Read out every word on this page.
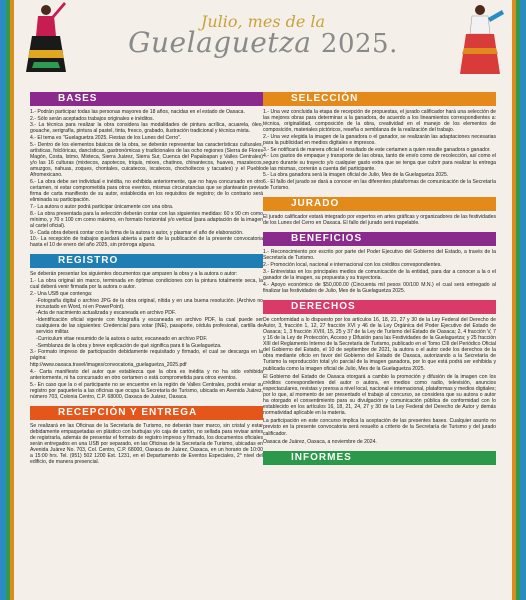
Julio, mes de la
Guelaguetza 2025.
BASES

1.- Podrán participar todas las personas mayores de 18 años, nacidas en el estado de Oaxaca.

2.- Sólo serán aceptados trabajos originales e inéditos.

3.- La técnica para realizar la obra considera las modalidades de pintura acrílica, acuarela, óleo, gouache, serigrafía, pintura al pastel, tinta, fresco, grabado, ilustración tradicional y técnica mixta.

4.- El tema es "Guelaguetza 2025. Fiestas de los Lunes del Cerro".

5.- Dentro de los elementos básicos de la obra, se deberán representar las características culturales, artísticas, folclóricas, dancísticas, gastronómicas y tradicionales de las ocho regiones (Sierra de Flores Magón, Costa, Istmo, Mixteca, Sierra Juárez, Sierra Sur, Cuenca del Papaloapan y Valles Centrales) y/o las 16 culturas (mixtecos, zapotecos, triquis, mixes, chatinos, chinantecos, huaves, mazatecos, amuzgos, nahuas, zoques, chontales, cuicatecos, ixcatecos, chocholtecos y tacuates) y el Pueblo Afromexicano.

6.- La obra debe ser individual e inédita, no exhibida anteriormente, que no haya concursado en otro certamen, ni estar comprometida para otros eventos, mismas circunstancias que se plantearán previa firma de carta manifiesto de su autor, establecida en los requisitos de registro; de lo contrario será eliminada su participación.

7.- La autora o autor podrá participar únicamente con una obra.

8.- La obra presentada para la selección deberán contar con las siguientes medidas: 60 x 90 cm como mínimo, y 70 x 100 cm como máximo, en formato horizontal y/o vertical (para adaptación de la imagen al cartel oficial).

9.- Cada obra deberá contar con la firma de la autora o autor, y plasmar el año de elaboración.

10.- La recepción de trabajos quedará abierta a partir de la publicación de la presente convocatoria hasta el 10 de enero del año 2025, sin prórroga alguna.

REGISTRO

Se deberán presentar los siguientes documentos que amparen la obra y a la autora o autor:

1.- La obra original sin marco, terminada en óptimas condiciones con la pintura totalmente seca, la cual deberá venir firmada por la autora o autor.

2.- Una USB que contenga:

-Fotografía digital o archivo JPG de la obra original, nítida y en una buena resolución. (Archivo no incrustado en Word, ni en PowerPoint).

-Acta de nacimiento actualizada y escaneada en archivo PDF.

-Identificación oficial vigente con fotografía y escaneada en archivo PDF, la cual puede ser cualquiera de las siguientes: Credencial para votar (INE), pasaporte, cédula profesional, cartilla de servicio militar.

-Curriculum vitae resumido de la autora o autor, escaneado en archivo PDF.

-Semblanza de la obra y breve explicación de qué significa para ti la Guelaguetza.

3.- Formato impreso de participación debidamente requisitado y firmado, el cual se descarga en la página:

http://www.oaxaca.travel/images/convocatoria_guelaguetza_2025.pdf

4.- Carta manifiesto del autor que establezca que la obra es inédita y no ha sido exhibida anteriormente, ni ha concursado en otro certamen o está comprometida para otros eventos.

5.- En caso que la o el participante no se encuentre en la región de Valles Centrales, podrá enviar su registro por paquetería a las oficinas que ocupa la Secretaría de Turismo, ubicada en Avenida Juárez, número 703, Colonia Centro, C.P. 68000, Oaxaca de Juárez, Oaxaca.

RECEPCIÓN Y ENTREGA

Se realizará en las Oficinas de la Secretaría de Turismo, no deberán traer marco, sin cristal y estar debidamente empaquetadas en plástico con burbujas y/o caja de cartón, no sellada para revisar antes de registrarla, además de presentar el formato de registro impreso y firmado, los documentos oficiales serán entregados en una USB por separado, en las Oficinas de la Secretaría de Turismo, ubicadas en Avenida Juárez No. 703, Col. Centro, C.P. 68000, Oaxaca de Juárez, Oaxaca, en un horario de 10:00 a 15:00 hrs. Tel. (951) 502 1200 Ext. 1231, en el Departamento de Eventos Especiales, 2° nivel del edificio, de manera presencial.

SELECCIÓN

1.- Una vez concluida la etapa de recepción de propuestas, el jurado calificador hará una selección de las mejores obras para determinar a la ganadora, de acuerdo a los lineamientos correspondientes a: técnica, originalidad, composición de la obra, creatividad en el manejo de los elementos de composición, materiales pictóricos, reseña o semblanza de la realización del trabajo.

2.- Una vez elegida la imagen de la ganadora o el ganador, se realizarán las adaptaciones necesarias para la publicidad en medios digitales e impresos.

3.- Se notificará de manera oficial el resultado de este certamen a quien resulte ganadora o ganador.

4.- Los gastos de empaque y transporte de las obras, tanto de envío como de recolección, así como el seguro durante su trayecto y/o cualquier gasto extra que se tenga que cubrir para realizar la entrega de las mismas, correrán a cuenta del participante.

5.- La obra ganadora será la imagen oficial de Julio, Mes de la Guelaguetza 2025.

6.- El fallo del jurado se dará a conocer en las diferentes plataformas de comunicación de la Secretaría de Turismo.

JURADO

El jurado calificador estará integrado por expertos en artes gráficas y organizadores de las festividades de los Lunes del Cerro en Oaxaca. El fallo del jurado será inapelable.

BENEFICIOS

1.- Reconocimiento por escrito por parte del Poder Ejecutivo del Gobierno del Estado, a través de la Secretaría de Turismo.

2.- Promoción local, nacional e internacional con los créditos correspondientes.

3.- Entrevistas en los principales medios de comunicación de la entidad, para dar a conocer a la o el ganador de la imagen, su propuesta y su trayectoria.

4.- Apoyo económico de $50,000.00 (Cincuenta mil pesos 00/100 M.N.) el cual será entregado al finalizar las festividades de Julio, Mes de la Guelaguetza 2025.

DERECHOS

De conformidad a lo dispuesto por los artículos 16, 18, 21, 27 y 30 de la Ley Federal del Derecho de Autor, 3, fracción 1, 12, 27 fracción XVI y 46 de la Ley Orgánica del Poder Ejecutivo del Estado de Oaxaca; 1, 3 fracción XVIII, 15, 25 y 37 de la Ley de Turismo del Estado de Oaxaca; 2, 4 fracción V, 7 y 16 de la Ley de Protección, Acceso y Difusión para las Festividades de la Guelaguetza; y 25 fracción XIII del Reglamento Interno de la Secretaría de Turismo, publicado en el Tomo CIII del Periódico Oficial del Gobierno del Estado, el 10 de septiembre de 2021, la autora o el autor cede los derechos de la obra mediante oficio en favor del Gobierno del Estado de Oaxaca, autorizando a la Secretaría de Turismo la reproducción total y/o parcial de la imagen ganadora, por lo que está podrá ser exhibida y publicada como la imagen oficial de Julio, Mes de la Guelaguetza 2025.

El Gobierno del Estado de Oaxaca otorgará a cambio la promoción y difusión de la imagen con los créditos correspondientes del autor o autora, en medios como radio, televisión, anuncios espectaculares, revistas y prensa a nivel local, nacional e internacional, plataformas y medios digitales; por lo que, al momento de ser presentado el trabajo al concurso, se considera que su autora o autor ha otorgado el consentimiento para su divulgación y comunicación pública de conformidad con lo establecido en los artículos 16, 18, 21, 24, 27 y 30 de la Ley Federal del Derecho de Autor y demás normatividad aplicable en la materia.

La participación en este concurso implica la aceptación de las presentes bases. Cualquier asunto no previsto en la presente convocatoria será resuelto a criterio de la Secretaría de Turismo y del jurado calificador.

Oaxaca de Juárez, Oaxaca, a noviembre de 2024.

INFORMES
